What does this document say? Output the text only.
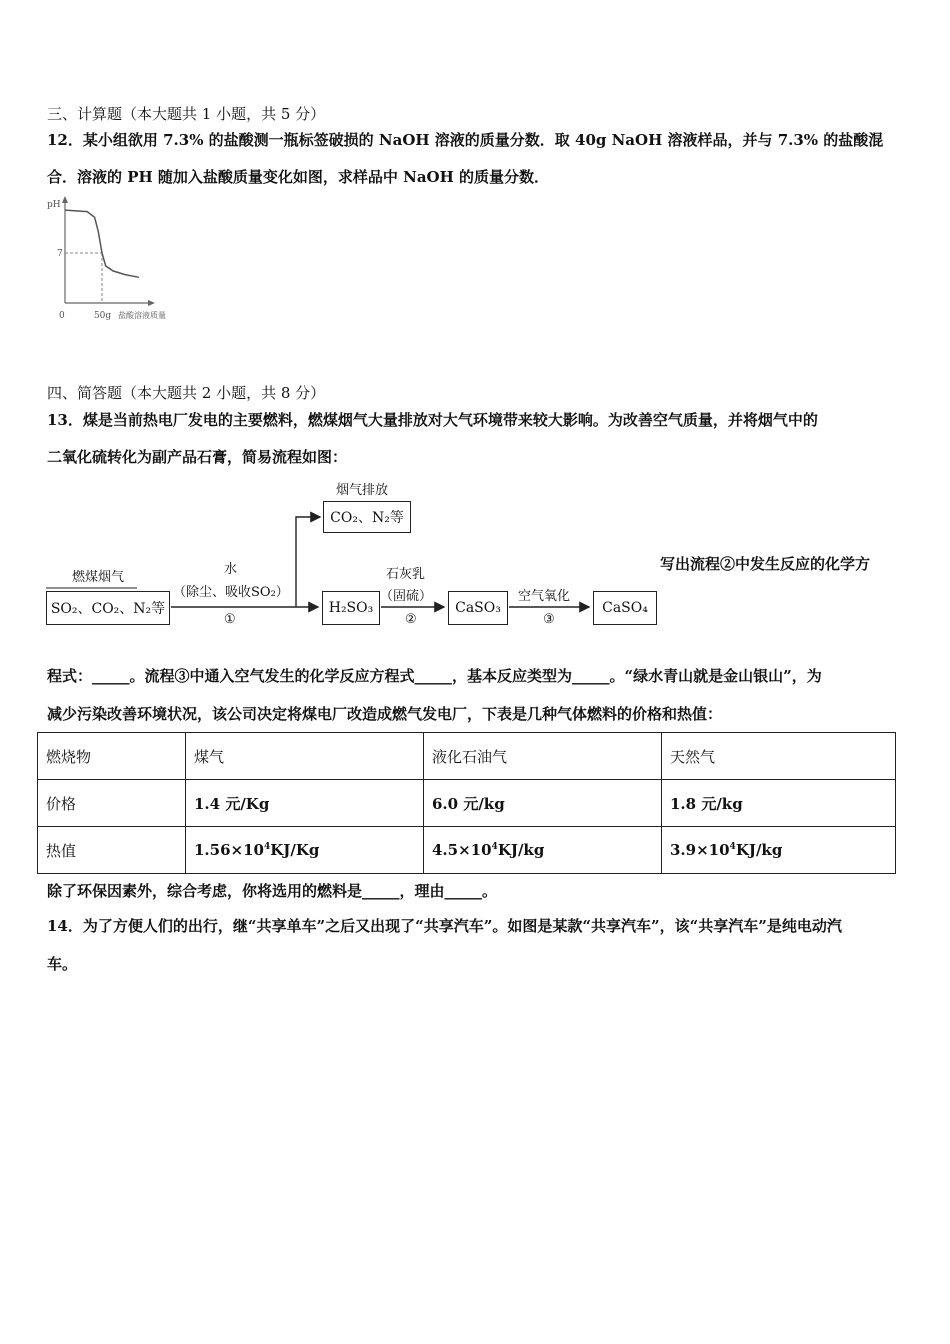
三、计算题（本大题共 1 小题，共 5 分）
12．某小组欲用 7.3% 的盐酸测一瓶标签破损的 NaOH 溶液的质量分数．取 40g NaOH 溶液样品，并与 7.3% 的盐酸混
合．溶液的 PH 随加入盐酸质量变化如图，求样品中 NaOH 的质量分数．
pH
7
0	50g 盐酸溶液质量
四、简答题（本大题共 2 小题，共 8 分）
13．煤是当前热电厂发电的主要燃料，燃煤烟气大量排放对大气环境带来较大影响。为改善空气质量，并将烟气中的
二氧化硫转化为副产品石膏，简易流程如图：
烟气排放
CO₂、N₂等
燃煤烟气
SO₂、CO₂、N₂等
水
（除尘、吸收SO₂）
①
H₂SO₃
石灰乳
（固硫）
②
CaSO₃
空气氧化
③
CaSO₄
写出流程②中发生反应的化学方
程式：_____。流程③中通入空气发生的化学反应方程式_____，基本反应类型为_____。“绿水青山就是金山银山”，为
减少污染改善环境状况，该公司决定将煤电厂改造成燃气发电厂，下表是几种气体燃料的价格和热值：
燃烧物	煤气	液化石油气	天然气
价格	1.4 元/Kg	6.0 元/kg	1.8 元/kg
热值	$1.56\times 10^4KJ/Kg$	$4.5\times 10^4KJ/kg$	$3.9\times 10^4KJ/kg$
除了环保因素外，综合考虑，你将选用的燃料是_____，理由_____。
14．为了方便人们的出行，继“共享单车”之后又出现了“共享汽车”。如图是某款“共享汽车”，该“共享汽车”是纯电动汽
车。
